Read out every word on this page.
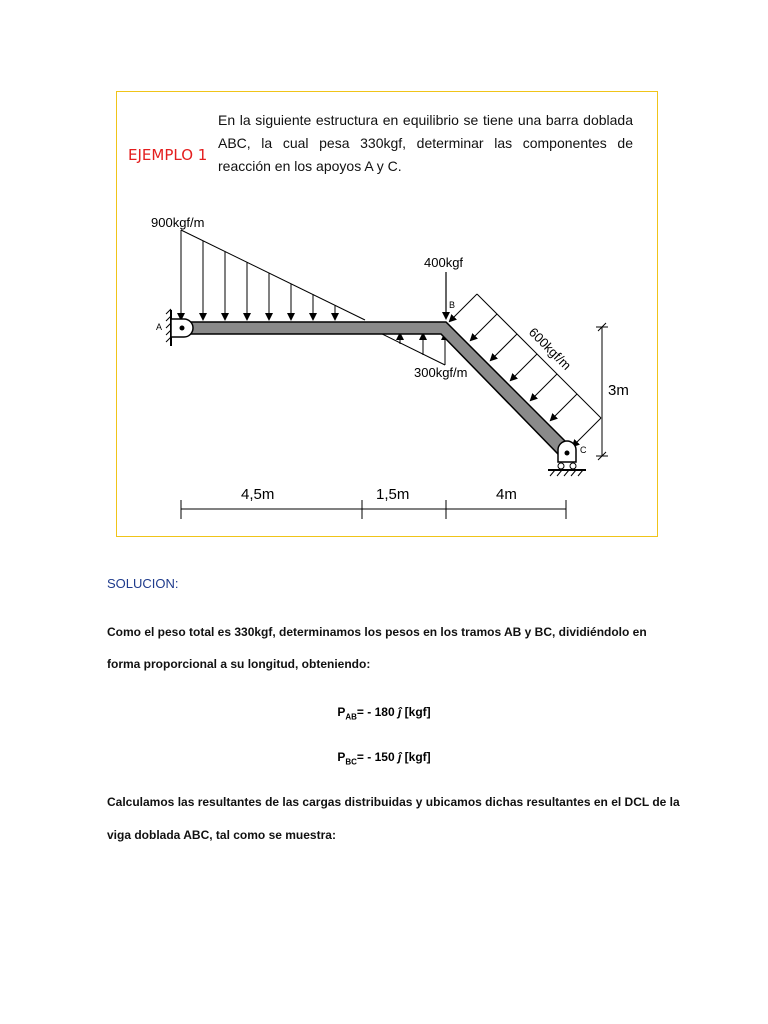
EJEMPLO 1
En la siguiente estructura en equilibrio se tiene una barra doblada ABC, la cual pesa 330kgf, determinar las componentes de reacción en los apoyos A y C.
900kgf/m
400kgf
300kgf/m	600kgf/m
3m
4,5m	1,5m	4m
A
B
C
SOLUCION:
Como el peso total es 330kgf, determinamos los pesos en los tramos AB y BC, dividiéndolo en
forma proporcional a su longitud, obteniendo:
$P_{AB}= - 180$ ĵ [kgf]
$P_{BC}= - 150$ ĵ [kgf]
Calculamos las resultantes de las cargas distribuidas y ubicamos dichas resultantes en el DCL de la
viga doblada ABC, tal como se muestra:
